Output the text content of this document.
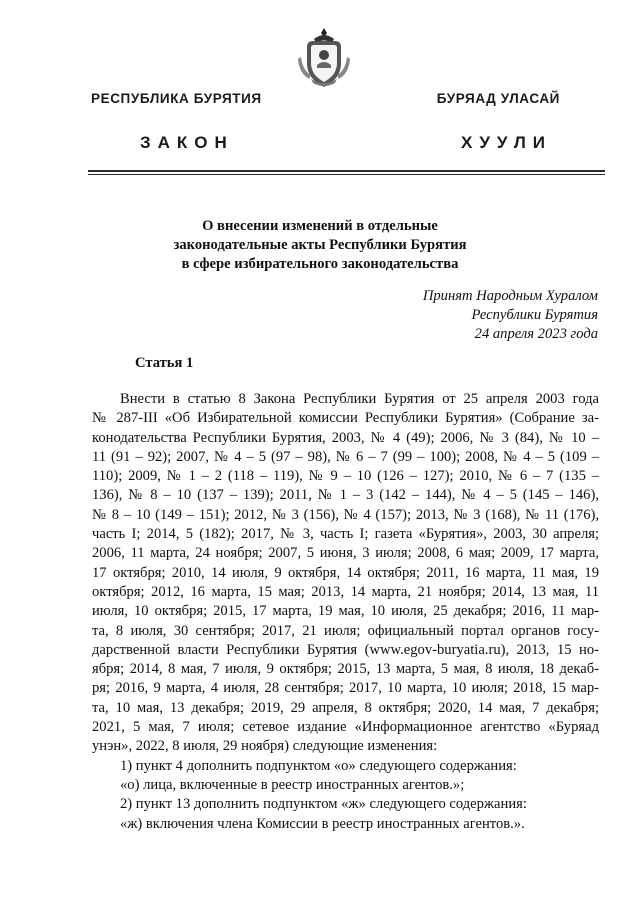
РЕСПУБЛИКА БУРЯТИЯ	БУРЯАД УЛАСАЙ
ЗАКОН	ХУУЛИ
О внесении изменений в отдельные
законодательные акты Республики Бурятия
в сфере избирательного законодательства
Принят Народным Хуралом
Республики Бурятия
24 апреля 2023 года
Статья 1
Внести в статью 8 Закона Республики Бурятия от 25 апреля 2003 года
№ 287-III «Об Избирательной комиссии Республики Бурятия» (Собрание за-
конодательства Республики Бурятия, 2003, № 4 (49); 2006, № 3 (84), № 10 –
11 (91 – 92); 2007, № 4 – 5 (97 – 98), № 6 – 7 (99 – 100); 2008, № 4 – 5 (109 –
110); 2009, № 1 – 2 (118 – 119), № 9 – 10 (126 – 127); 2010, № 6 – 7 (135 –
136), № 8 – 10 (137 – 139); 2011, № 1 – 3 (142 – 144), № 4 – 5 (145 – 146),
№ 8 – 10 (149 – 151); 2012, № 3 (156), № 4 (157); 2013, № 3 (168), № 11 (176),
часть I; 2014, 5 (182); 2017, № 3, часть I; газета «Бурятия», 2003, 30 апреля;
2006, 11 марта, 24 ноября; 2007, 5 июня, 3 июля; 2008, 6 мая; 2009, 17 марта,
17 октября; 2010, 14 июля, 9 октября, 14 октября; 2011, 16 марта, 11 мая, 19
октября; 2012, 16 марта, 15 мая; 2013, 14 марта, 21 ноября; 2014, 13 мая, 11
июля, 10 октября; 2015, 17 марта, 19 мая, 10 июля, 25 декабря; 2016, 11 мар-
та, 8 июля, 30 сентября; 2017, 21 июля; официальный портал органов госу-
дарственной власти Республики Бурятия (www.egov-buryatia.ru), 2013, 15 но-
ября; 2014, 8 мая, 7 июля, 9 октября; 2015, 13 марта, 5 мая, 8 июля, 18 декаб-
ря; 2016, 9 марта, 4 июля, 28 сентября; 2017, 10 марта, 10 июля; 2018, 15 мар-
та, 10 мая, 13 декабря; 2019, 29 апреля, 8 октября; 2020, 14 мая, 7 декабря;
2021, 5 мая, 7 июля; сетевое издание «Информационное агентство «Буряад
унэн», 2022, 8 июля, 29 ноября) следующие изменения:
1) пункт 4 дополнить подпунктом «о» следующего содержания:
«о) лица, включенные в реестр иностранных агентов.»;
2) пункт 13 дополнить подпунктом «ж» следующего содержания:
«ж) включения члена Комиссии в реестр иностранных агентов.».
